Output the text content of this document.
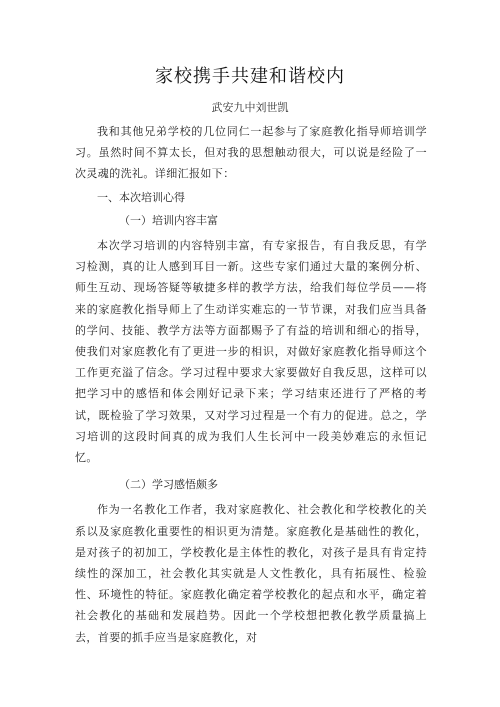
家校携手共建和谐校内
武安九中刘世凯

我和其他兄弟学校的几位同仁一起参与了家庭教化指导师培训学习。虽然时间不算太长，但对我的思想触动很大，可以说是经险了一次灵魂的洗礼。详细汇报如下：

一、本次培训心得
（一）培训内容丰富

本次学习培训的内容特别丰富，有专家报告，有自我反思，有学习检测，真的让人感到耳目一新。这些专家们通过大量的案例分析、师生互动、现场答疑等敏捷多样的教学方法，给我们每位学员——将来的家庭教化指导师上了生动详实难忘的一节节课，对我们应当具备的学问、技能、教学方法等方面都赐予了有益的培训和细心的指导，使我们对家庭教化有了更进一步的相识，对做好家庭教化指导师这个工作更充溢了信念。学习过程中要求大家要做好自我反思，这样可以把学习中的感悟和体会刚好记录下来；学习结束还进行了严格的考试，既检验了学习效果，又对学习过程是一个有力的促进。总之，学习培训的这段时间真的成为我们人生长河中一段美妙难忘的永恒记忆。

（二）学习感悟颇多

作为一名教化工作者，我对家庭教化、社会教化和学校教化的关系以及家庭教化重要性的相识更为清楚。家庭教化是基础性的教化，是对孩子的初加工，学校教化是主体性的教化，对孩子是具有肯定持续性的深加工，社会教化其实就是人文性教化，具有拓展性、检验性、环境性的特征。家庭教化确定着学校教化的起点和水平，确定着社会教化的基础和发展趋势。因此一个学校想把教化教学质量搞上去，首要的抓手应当是家庭教化，对
